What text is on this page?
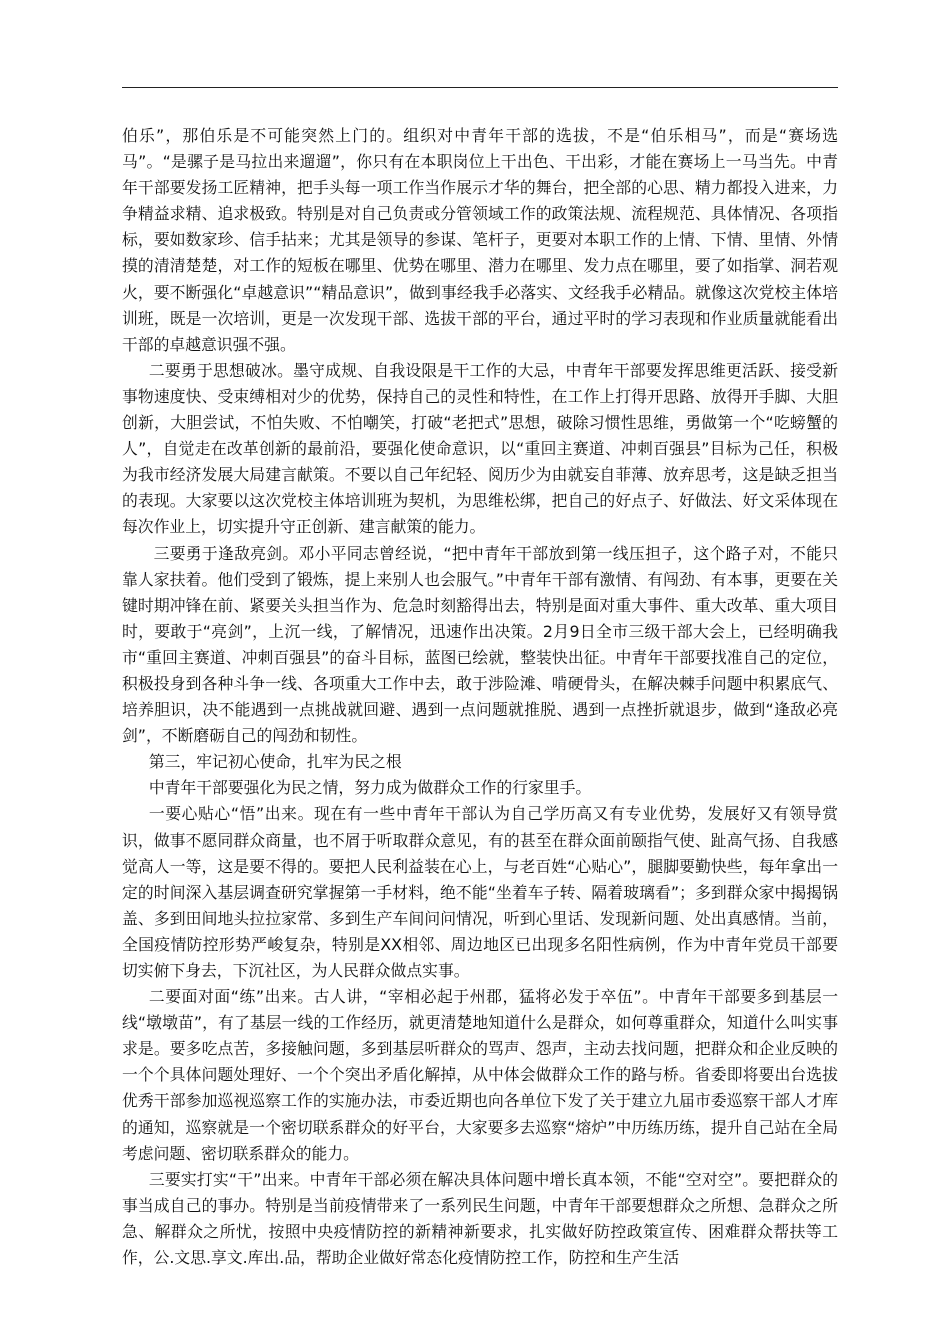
伯乐”，那伯乐是不可能突然上门的。组织对中青年干部的选拔，不是“伯乐相马”，而是“赛场选马”。“是骡子是马拉出来遛遛”，你只有在本职岗位上干出色、干出彩，才能在赛场上一马当先。中青年干部要发扬工匠精神，把手头每一项工作当作展示才华的舞台，把全部的心思、精力都投入进来，力争精益求精、追求极致。特别是对自己负责或分管领域工作的政策法规、流程规范、具体情况、各项指标，要如数家珍、信手拈来；尤其是领导的参谋、笔杆子，更要对本职工作的上情、下情、里情、外情摸的清清楚楚，对工作的短板在哪里、优势在哪里、潜力在哪里、发力点在哪里，要了如指掌、洞若观火，要不断强化“卓越意识”“精品意识”，做到事经我手必落实、文经我手必精品。就像这次党校主体培训班，既是一次培训，更是一次发现干部、选拔干部的平台，通过平时的学习表现和作业质量就能看出干部的卓越意识强不强。

二要勇于思想破冰。墨守成规、自我设限是干工作的大忌，中青年干部要发挥思维更活跃、接受新事物速度快、受束缚相对少的优势，保持自己的灵性和特性，在工作上打得开思路、放得开手脚、大胆创新，大胆尝试，不怕失败、不怕嘲笑，打破“老把式”思想，破除习惯性思维，勇做第一个“吃螃蟹的人”，自觉走在改革创新的最前沿，要强化使命意识，以“重回主赛道、冲刺百强县”目标为己任，积极为我市经济发展大局建言献策。不要以自己年纪轻、阅历少为由就妄自菲薄、放弃思考，这是缺乏担当的表现。大家要以这次党校主体培训班为契机，为思维松绑，把自己的好点子、好做法、好文采体现在每次作业上，切实提升守正创新、建言献策的能力。

三要勇于逢敌亮剑。邓小平同志曾经说，“把中青年干部放到第一线压担子，这个路子对，不能只靠人家扶着。他们受到了锻炼，提上来别人也会服气。”中青年干部有激情、有闯劲、有本事，更要在关键时期冲锋在前、紧要关头担当作为、危急时刻豁得出去，特别是面对重大事件、重大改革、重大项目时，要敢于“亮剑”，上沉一线，了解情况，迅速作出决策。2月9日全市三级干部大会上，已经明确我市“重回主赛道、冲刺百强县”的奋斗目标，蓝图已绘就，整装快出征。中青年干部要找准自己的定位，积极投身到各种斗争一线、各项重大工作中去，敢于涉险滩、啃硬骨头，在解决棘手问题中积累底气、培养胆识，决不能遇到一点挑战就回避、遇到一点问题就推脱、遇到一点挫折就退步，做到“逢敌必亮剑”，不断磨砺自己的闯劲和韧性。

第三，牢记初心使命，扎牢为民之根

中青年干部要强化为民之情，努力成为做群众工作的行家里手。

一要心贴心“悟”出来。现在有一些中青年干部认为自己学历高又有专业优势，发展好又有领导赏识，做事不愿同群众商量，也不屑于听取群众意见，有的甚至在群众面前颐指气使、趾高气扬、自我感觉高人一等，这是要不得的。要把人民利益装在心上，与老百姓“心贴心”，腿脚要勤快些，每年拿出一定的时间深入基层调查研究掌握第一手材料，绝不能“坐着车子转、隔着玻璃看”；多到群众家中揭揭锅盖、多到田间地头拉拉家常、多到生产车间问问情况，听到心里话、发现新问题、处出真感情。当前，全国疫情防控形势严峻复杂，特别是XX相邻、周边地区已出现多名阳性病例，作为中青年党员干部要切实俯下身去，下沉社区，为人民群众做点实事。

二要面对面“练”出来。古人讲，“宰相必起于州郡，猛将必发于卒伍”。中青年干部要多到基层一线“墩墩苗”，有了基层一线的工作经历，就更清楚地知道什么是群众，如何尊重群众，知道什么叫实事求是。要多吃点苦，多接触问题，多到基层听群众的骂声、怨声，主动去找问题，把群众和企业反映的一个个具体问题处理好、一个个突出矛盾化解掉，从中体会做群众工作的路与桥。省委即将要出台选拔优秀干部参加巡视巡察工作的实施办法，市委近期也向各单位下发了关于建立九届市委巡察干部人才库的通知，巡察就是一个密切联系群众的好平台，大家要多去巡察“熔炉”中历练历练，提升自己站在全局考虑问题、密切联系群众的能力。

三要实打实“干”出来。中青年干部必须在解决具体问题中增长真本领，不能“空对空”。要把群众的事当成自己的事办。特别是当前疫情带来了一系列民生问题，中青年干部要想群众之所想、急群众之所急、解群众之所忧，按照中央疫情防控的新精神新要求，扎实做好防控政策宣传、困难群众帮扶等工作，公.文思.享文.库出.品，帮助企业做好常态化疫情防控工作，防控和生产生活
